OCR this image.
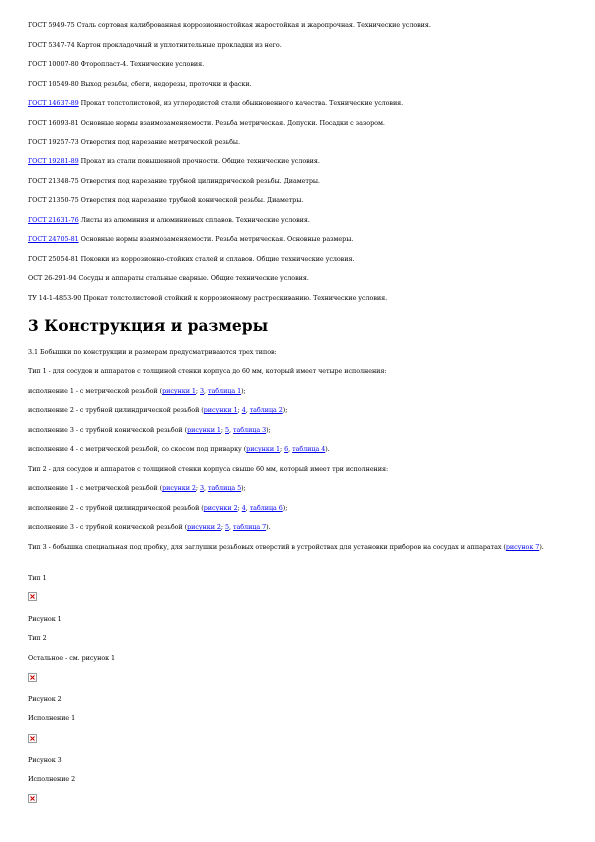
ГОСТ 5949-75 Сталь сортовая калиброванная коррозионностойкая жаростойкая и жаропрочная. Технические условия.
ГОСТ 5347-74 Картон прокладочный и уплотнительные прокладки из него.
ГОСТ 10007-80 Фторопласт-4. Технические условия.
ГОСТ 10549-80 Выход резьбы, сбеги, недорезы, проточки и фаски.
ГОСТ 14637-89 Прокат толстолистовой, из углеродистой стали обыкновенного качества. Технические условия.
ГОСТ 16093-81 Основные нормы взаимозаменяемости. Резьба метрическая. Допуски. Посадки с зазором.
ГОСТ 19257-73 Отверстия под нарезание метрической резьбы.
ГОСТ 19281-89 Прокат из стали повышенной прочности. Общие технические условия.
ГОСТ 21348-75 Отверстия под нарезание трубной цилиндрической резьбы. Диаметры.
ГОСТ 21350-75 Отверстия под нарезание трубной конической резьбы. Диаметры.
ГОСТ 21631-76 Листы из алюминия и алюминиевых сплавов. Технические условия.
ГОСТ 24705-81 Основные нормы взаимозаменяемости. Резьба метрическая. Основные размеры.
ГОСТ 25054-81 Поковки из коррозионно-стойких сталей и сплавов. Общие технические условия.
ОСТ 26-291-94 Сосуды и аппараты стальные сварные. Общие технические условия.
ТУ 14-1-4853-90 Прокат толстолистовой стойкий к коррозионному растрескиванию. Технические условия.
3 Конструкция и размеры
3.1 Бобышки по конструкции и размерам предусматриваются трех типов:
Тип 1 - для сосудов и аппаратов с толщиной стенки корпуса до 60 мм, который имеет четыре исполнения:
исполнение 1 - с метрической резьбой (рисунки 1; 3, таблица 1);
исполнение 2 - с трубной цилиндрической резьбой (рисунки 1; 4, таблица 2);
исполнение 3 - с трубной конической резьбой (рисунки 1; 5, таблица 3);
исполнение 4 - с метрической резьбой, со скосом под приварку (рисунки 1; 6, таблица 4).
Тип 2 - для сосудов и аппаратов с толщиной стенки корпуса свыше 60 мм, который имеет три исполнения:
исполнение 1 - с метрической резьбой (рисунки 2; 3, таблица 5);
исполнение 2 - с трубной цилиндрической резьбой (рисунки 2; 4, таблица 6);
исполнение 3 - с трубной конической резьбой (рисунки 2; 5, таблица 7).
Тип 3 - бобышка специальная под пробку, для заглушки резьбовых отверстий в устройствах для установки приборов на сосудах и аппаратах (рисунок 7).
Тип 1
Рисунок 1
Тип 2
Остальное - см. рисунок 1
Рисунок 2
Исполнение 1
Рисунок 3
Исполнение 2
